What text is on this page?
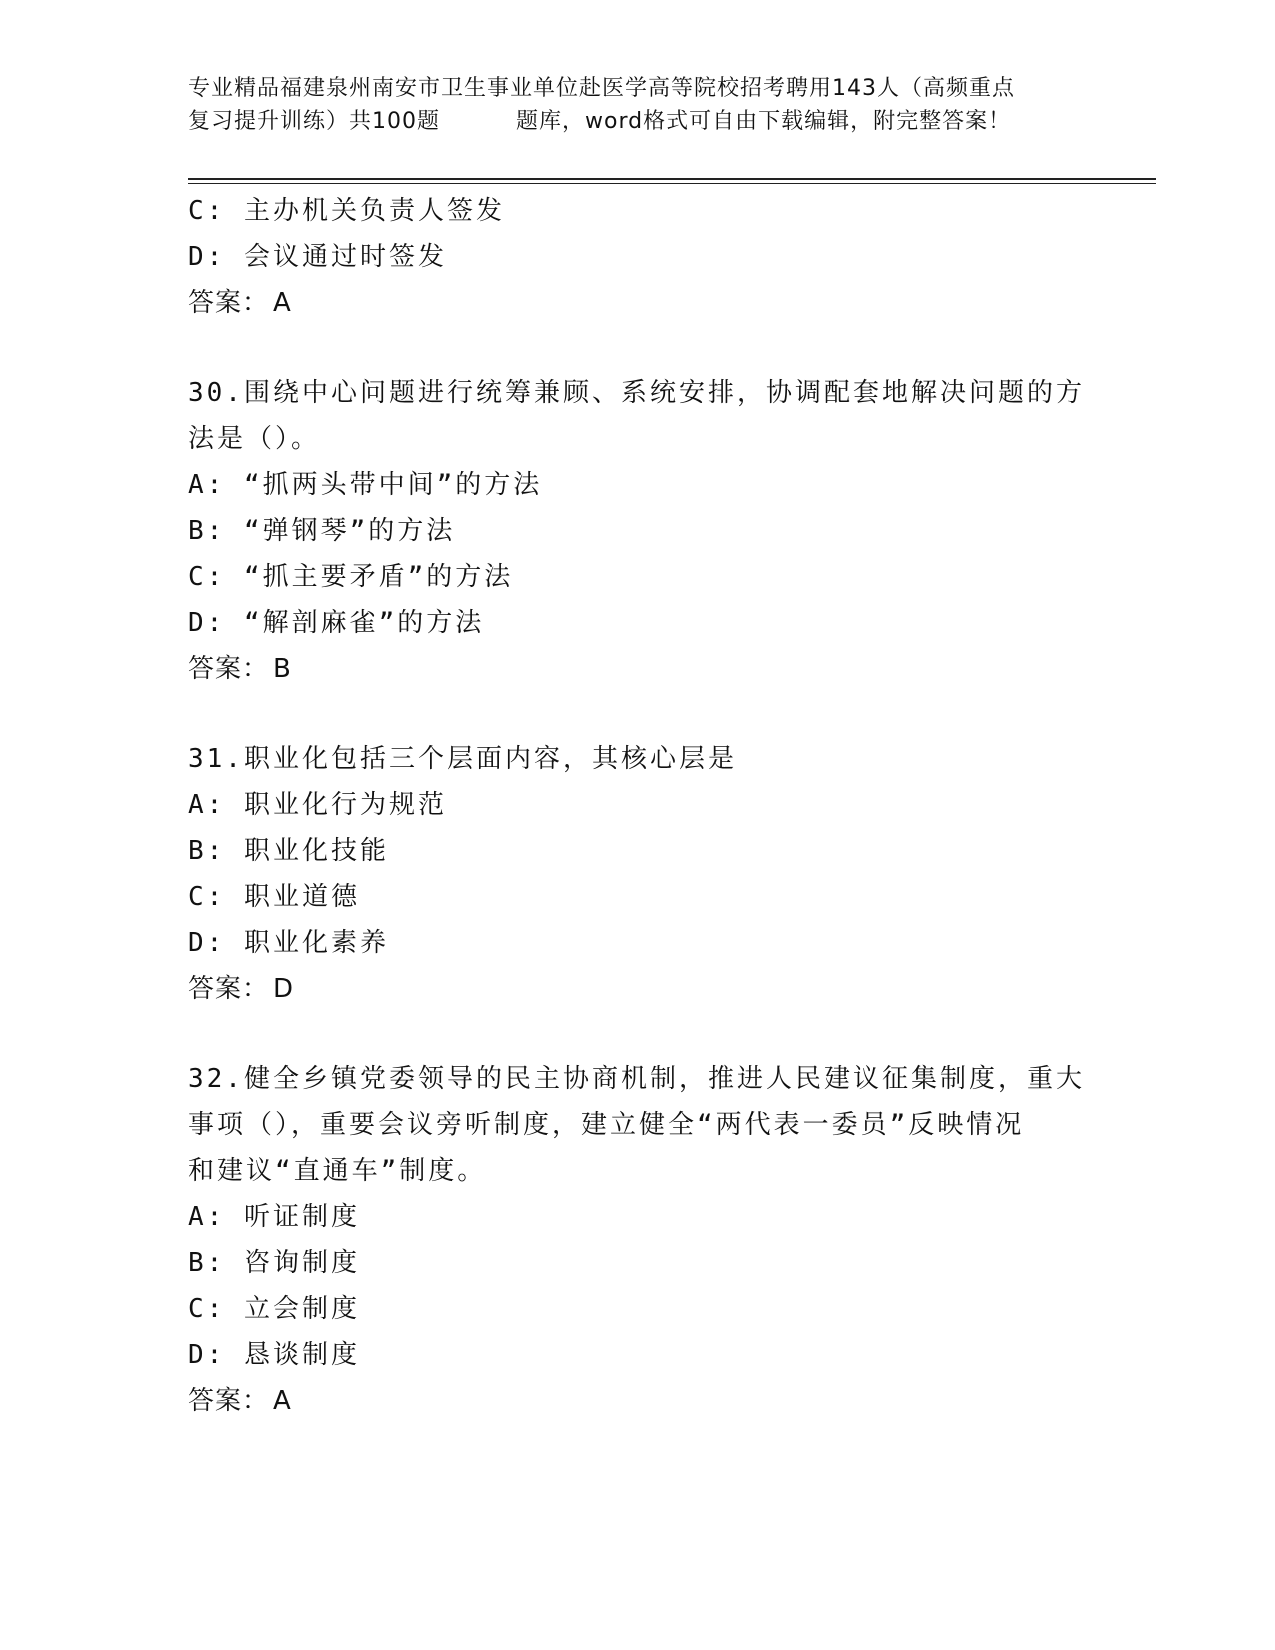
专业精品福建泉州南安市卫生事业单位赴医学高等院校招考聘用143人（高频重点
复习提升训练）共100题	题库，word格式可自由下载编辑，附完整答案！
C: 主办机关负责人签发
D: 会议通过时签发
答案： A
30.围绕中心问题进行统筹兼顾、系统安排，协调配套地解决问题的方
法是（）。
A: “抓两头带中间”的方法
B: “弹钢琴”的方法
C: “抓主要矛盾”的方法
D: “解剖麻雀”的方法
答案： B
31.职业化包括三个层面内容，其核心层是
A: 职业化行为规范
B: 职业化技能
C: 职业道德
D: 职业化素养
答案： D
32.健全乡镇党委领导的民主协商机制，推进人民建议征集制度，重大
事项（），重要会议旁听制度，建立健全“两代表一委员”反映情况
和建议“直通车”制度。
A: 听证制度
B: 咨询制度
C: 立会制度
D: 恳谈制度
答案： A
